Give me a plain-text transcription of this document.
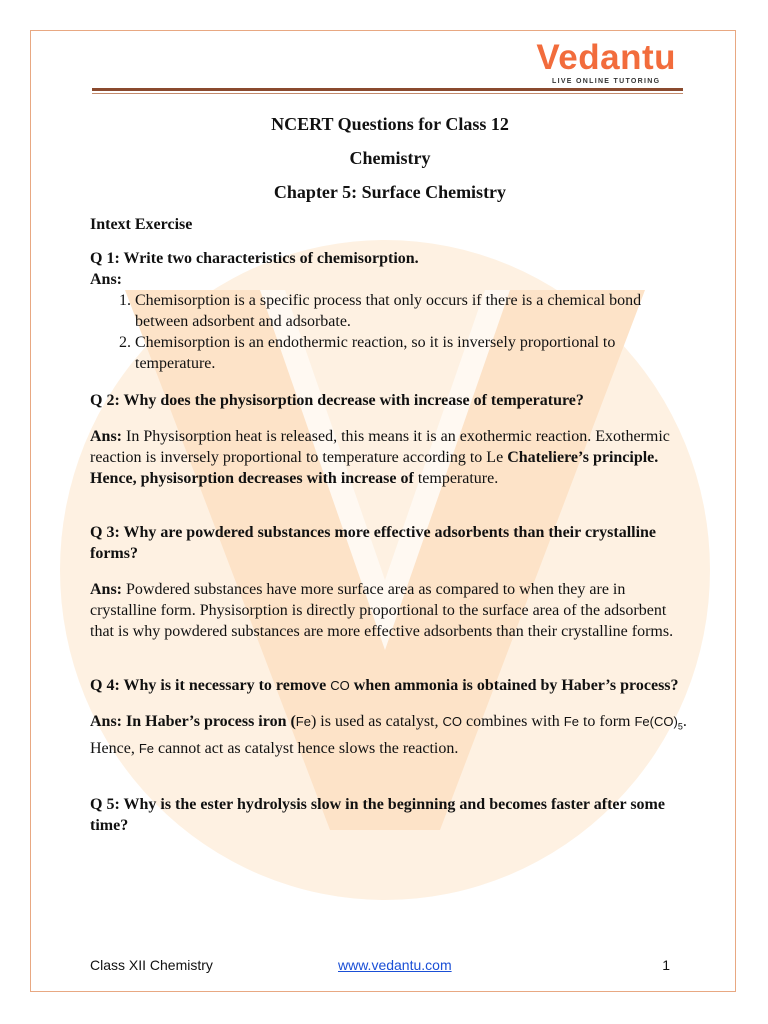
Vedantu
LIVE ONLINE TUTORING
NCERT Questions for Class 12
Chemistry
Chapter 5: Surface Chemistry
Intext Exercise
Q 1: Write two characteristics of chemisorption.
Ans:
1. Chemisorption is a specific process that only occurs if there is a chemical bond between adsorbent and adsorbate.
2. Chemisorption is an endothermic reaction, so it is inversely proportional to temperature.
Q 2: Why does the physisorption decrease with increase of temperature?
Ans: In Physisorption heat is released, this means it is an exothermic reaction. Exothermic reaction is inversely proportional to temperature according to Le Chateliere’s principle. Hence, physisorption decreases with increase of temperature.
Q 3: Why are powdered substances more effective adsorbents than their crystalline forms?
Ans: Powdered substances have more surface area as compared to when they are in crystalline form. Physisorption is directly proportional to the surface area of the adsorbent that is why powdered substances are more effective adsorbents than their crystalline forms.
Q 4: Why is it necessary to remove CO when ammonia is obtained by Haber’s process?
Ans: In Haber’s process iron (Fe) is used as catalyst, CO combines with Fe to form $Fe(CO)_5$. Hence, Fe cannot act as catalyst hence slows the reaction.
Q 5: Why is the ester hydrolysis slow in the beginning and becomes faster after some time?
Class XII Chemistry	www.vedantu.com	1
